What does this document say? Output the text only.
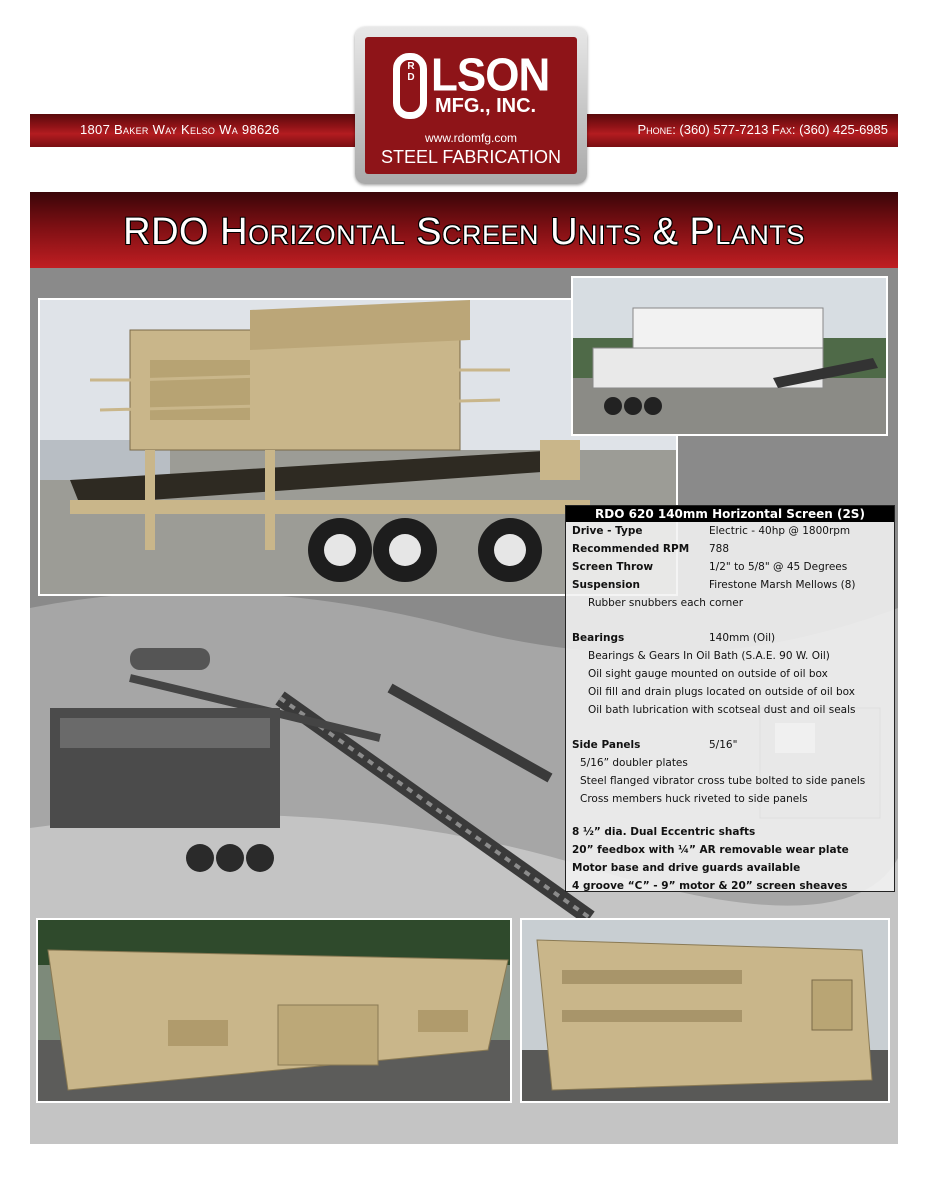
1807 Baker Way Kelso Wa 98626	Phone: (360) 577-7213 Fax: (360) 425-6985
R D LSON
MFG., INC.
www.rdomfg.com
STEEL FABRICATION
RDO Horizontal Screen Units & Plants
RDO 620 140mm Horizontal Screen (2S)
Drive - Type	Electric - 40hp @ 1800rpm
Recommended RPM 788
Screen Throw	1/2" to 5/8" @ 45 Degrees
Suspension	Firestone Marsh Mellows (8)
Rubber snubbers each corner
Bearings	140mm (Oil)
Bearings & Gears In Oil Bath (S.A.E. 90 W. Oil)
Oil sight gauge mounted on outside of oil box
Oil fill and drain plugs located on outside of oil box
Oil bath lubrication with scotseal dust and oil seals
Side Panels	5/16"
5/16” doubler plates
Steel flanged vibrator cross tube bolted to side panels
Cross members huck riveted to side panels
8 ½” dia. Dual Eccentric shafts
20” feedbox with ¼” AR removable wear plate
Motor base and drive guards available
4 groove “C” - 9” motor & 20” screen sheaves
